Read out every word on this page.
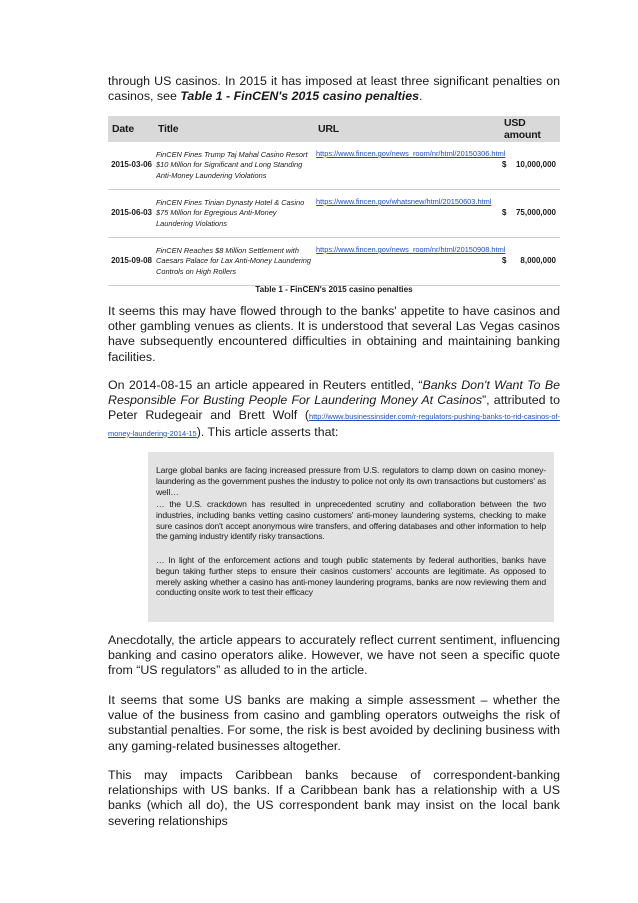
through US casinos. In 2015 it has imposed at least three significant penalties on casinos, see Table 1 - FinCEN's 2015 casino penalties.

Date	Title	URL	USD amount
2015-03-06	FinCEN Fines Trump Taj Mahal Casino Resort $10 Million for Significant and Long Standing Anti-Money Laundering Violations	https://www.fincen.gov/news_room/nr/html/20150306.html	$ 10,000,000

2015-06-03	FinCEN Fines Tinian Dynasty Hotel & Casino $75 Million for Egregious Anti-Money Laundering Violations	https://www.fincen.gov/whatsnew/html/20150603.html	$ 75,000,000

2015-09-08	FinCEN Reaches $8 Million Settlement with Caesars Palace for Lax Anti-Money Laundering Controls on High Rollers	https://www.fincen.gov/news_room/nr/html/20150908.html	$ 8,000,000
Table 1 - FinCEN's 2015 casino penalties

It seems this may have flowed through to the banks' appetite to have casinos and other gambling venues as clients. It is understood that several Las Vegas casinos have subsequently encountered difficulties in obtaining and maintaining banking facilities.

On 2014-08-15 an article appeared in Reuters entitled, “Banks Don't Want To Be Responsible For Busting People For Laundering Money At Casinos”, attributed to Peter Rudegeair and Brett Wolf (http://www.businessinsider.com/r-regulators-pushing-banks-to-rid-casinos-of-money-laundering-2014-15). This article asserts that:

Large global banks are facing increased pressure from U.S. regulators to clamp down on casino money-laundering as the government pushes the industry to police not only its own transactions but customers' as well…

… the U.S. crackdown has resulted in unprecedented scrutiny and collaboration between the two industries, including banks vetting casino customers' anti-money laundering systems, checking to make sure casinos don't accept anonymous wire transfers, and offering databases and other information to help the gaming industry identify risky transactions.

… In light of the enforcement actions and tough public statements by federal authorities, banks have begun taking further steps to ensure their casinos customers' accounts are legitimate. As opposed to merely asking whether a casino has anti-money laundering programs, banks are now reviewing them and conducting onsite work to test their efficacy

Anecdotally, the article appears to accurately reflect current sentiment, influencing banking and casino operators alike. However, we have not seen a specific quote from “US regulators” as alluded to in the article.

It seems that some US banks are making a simple assessment – whether the value of the business from casino and gambling operators outweighs the risk of substantial penalties. For some, the risk is best avoided by declining business with any gaming-related businesses altogether.

This may impacts Caribbean banks because of correspondent-banking relationships with US banks. If a Caribbean bank has a relationship with a US banks (which all do), the US correspondent bank may insist on the local bank severing relationships
